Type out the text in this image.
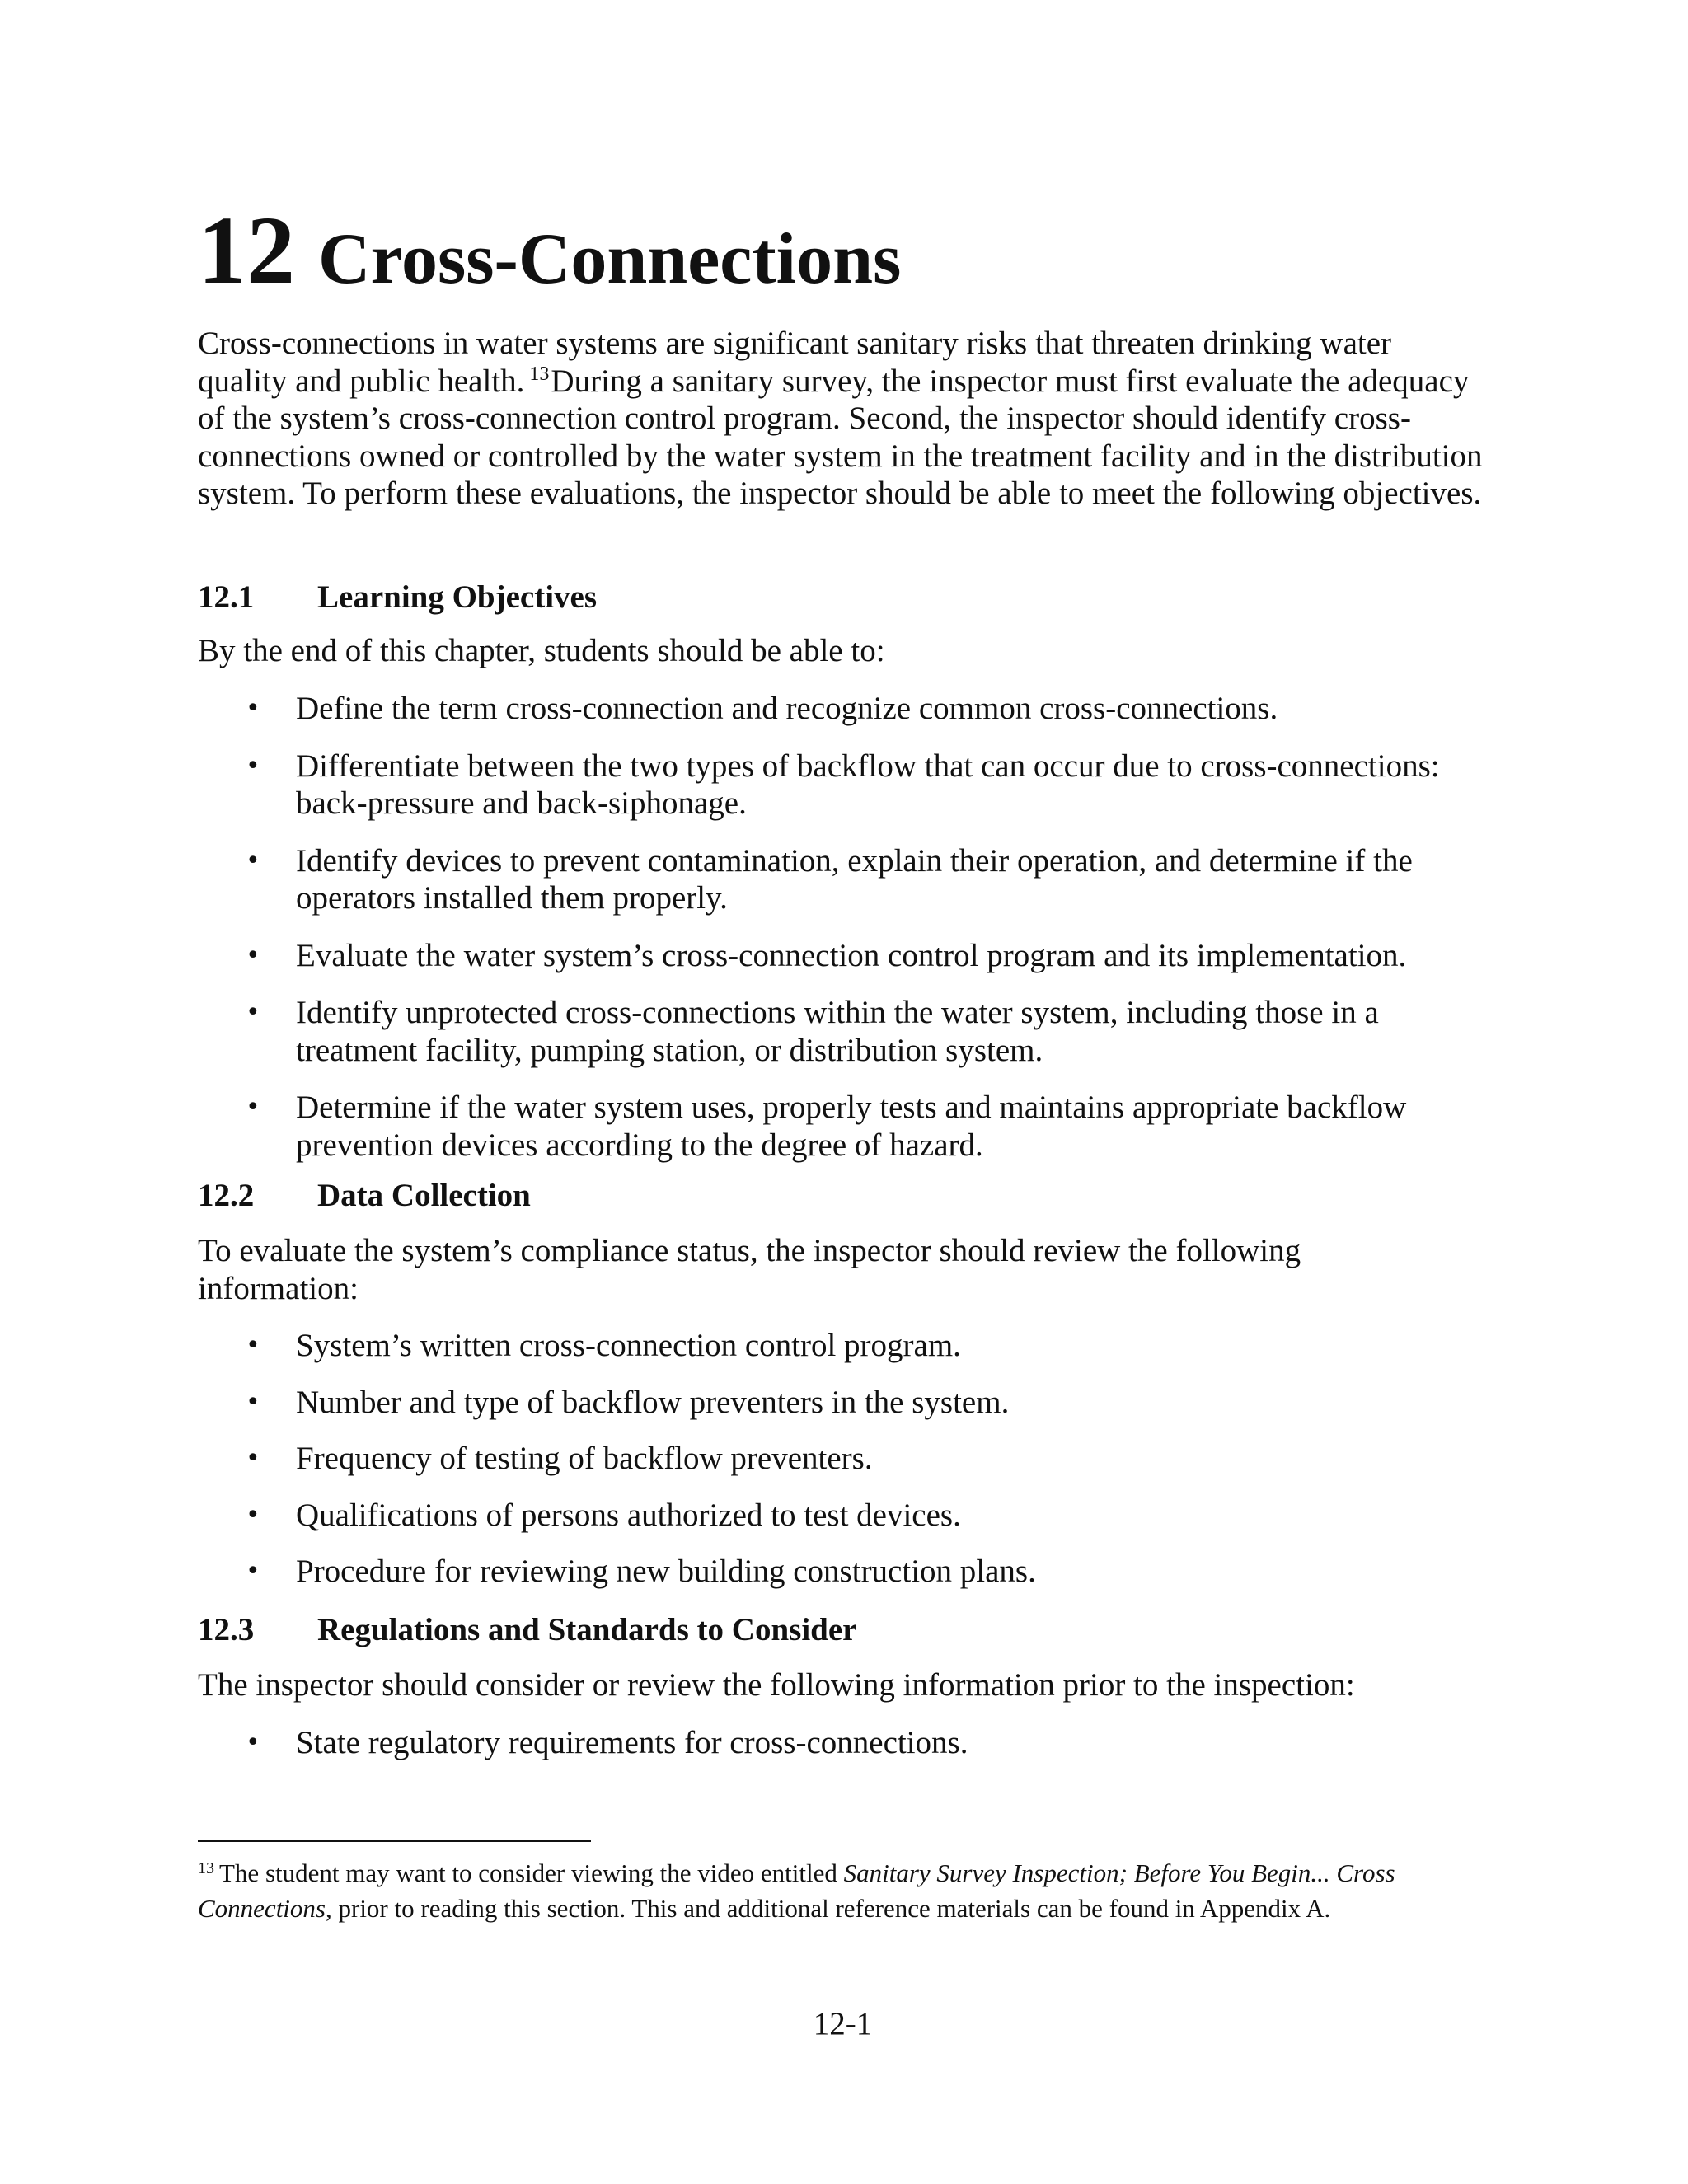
12 Cross-Connections

Cross-connections in water systems are significant sanitary risks that threaten drinking water quality and public health. $^{13}$During a sanitary survey, the inspector must first evaluate the adequacy of the system’s cross-connection control program. Second, the inspector should identify cross-connections owned or controlled by the water system in the treatment facility and in the distribution system. To perform these evaluations, the inspector should be able to meet the following objectives.

12.1 Learning Objectives

By the end of this chapter, students should be able to:

• Define the term cross-connection and recognize common cross-connections.
• Differentiate between the two types of backflow that can occur due to cross-connections: back-pressure and back-siphonage.
• Identify devices to prevent contamination, explain their operation, and determine if the operators installed them properly.
• Evaluate the water system’s cross-connection control program and its implementation.
• Identify unprotected cross-connections within the water system, including those in a treatment facility, pumping station, or distribution system.
• Determine if the water system uses, properly tests and maintains appropriate backflow prevention devices according to the degree of hazard.
12.2 Data Collection

To evaluate the system’s compliance status, the inspector should review the following information:

• System’s written cross-connection control program.
• Number and type of backflow preventers in the system.
• Frequency of testing of backflow preventers.
• Qualifications of persons authorized to test devices.
• Procedure for reviewing new building construction plans.
12.3 Regulations and Standards to Consider

The inspector should consider or review the following information prior to the inspection:

• State regulatory requirements for cross-connections.

$^{13}$ The student may want to consider viewing the video entitled Sanitary Survey Inspection; Before You Begin... Cross Connections, prior to reading this section. This and additional reference materials can be found in Appendix A.

12-1
